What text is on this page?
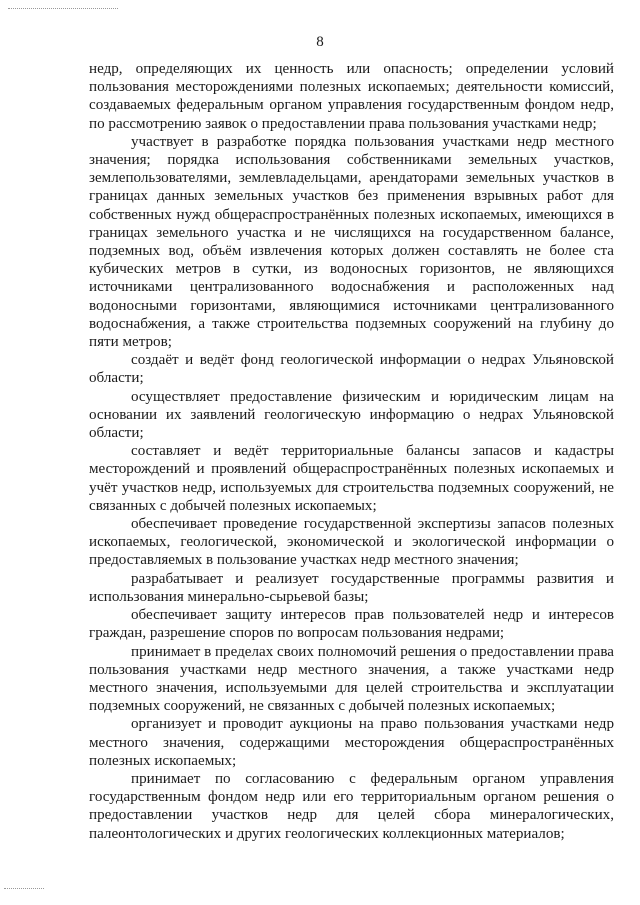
8

недр, определяющих их ценность или опасность; определении условий пользования месторождениями полезных ископаемых; деятельности комиссий, создаваемых федеральным органом управления государственным фондом недр, по рассмотрению заявок о предоставлении права пользования участками недр;

участвует в разработке порядка пользования участками недр местного значения; порядка использования собственниками земельных участков, землепользователями, землевладельцами, арендаторами земельных участков в границах данных земельных участков без применения взрывных работ для собственных нужд общераспространённых полезных ископаемых, имеющихся в границах земельного участка и не числящихся на государственном балансе, подземных вод, объём извлечения которых должен составлять не более ста кубических метров в сутки, из водоносных горизонтов, не являющихся источниками централизованного водоснабжения и расположенных над водоносными горизонтами, являющимися источниками централизованного водоснабжения, а также строительства подземных сооружений на глубину до пяти метров;

создаёт и ведёт фонд геологической информации о недрах Ульяновской области;

осуществляет предоставление физическим и юридическим лицам на основании их заявлений геологическую информацию о недрах Ульяновской области;

составляет и ведёт территориальные балансы запасов и кадастры месторождений и проявлений общераспространённых полезных ископаемых и учёт участков недр, используемых для строительства подземных сооружений, не связанных с добычей полезных ископаемых;

обеспечивает проведение государственной экспертизы запасов полезных ископаемых, геологической, экономической и экологической информации о предоставляемых в пользование участках недр местного значения;

разрабатывает и реализует государственные программы развития и использования минерально-сырьевой базы;

обеспечивает защиту интересов прав пользователей недр и интересов граждан, разрешение споров по вопросам пользования недрами;

принимает в пределах своих полномочий решения о предоставлении права пользования участками недр местного значения, а также участками недр местного значения, используемыми для целей строительства и эксплуатации подземных сооружений, не связанных с добычей полезных ископаемых;

организует и проводит аукционы на право пользования участками недр местного значения, содержащими месторождения общераспространённых полезных ископаемых;

принимает по согласованию с федеральным органом управления государственным фондом недр или его территориальным органом решения о предоставлении участков недр для целей сбора минералогических, палеонтологических и других геологических коллекционных материалов;
